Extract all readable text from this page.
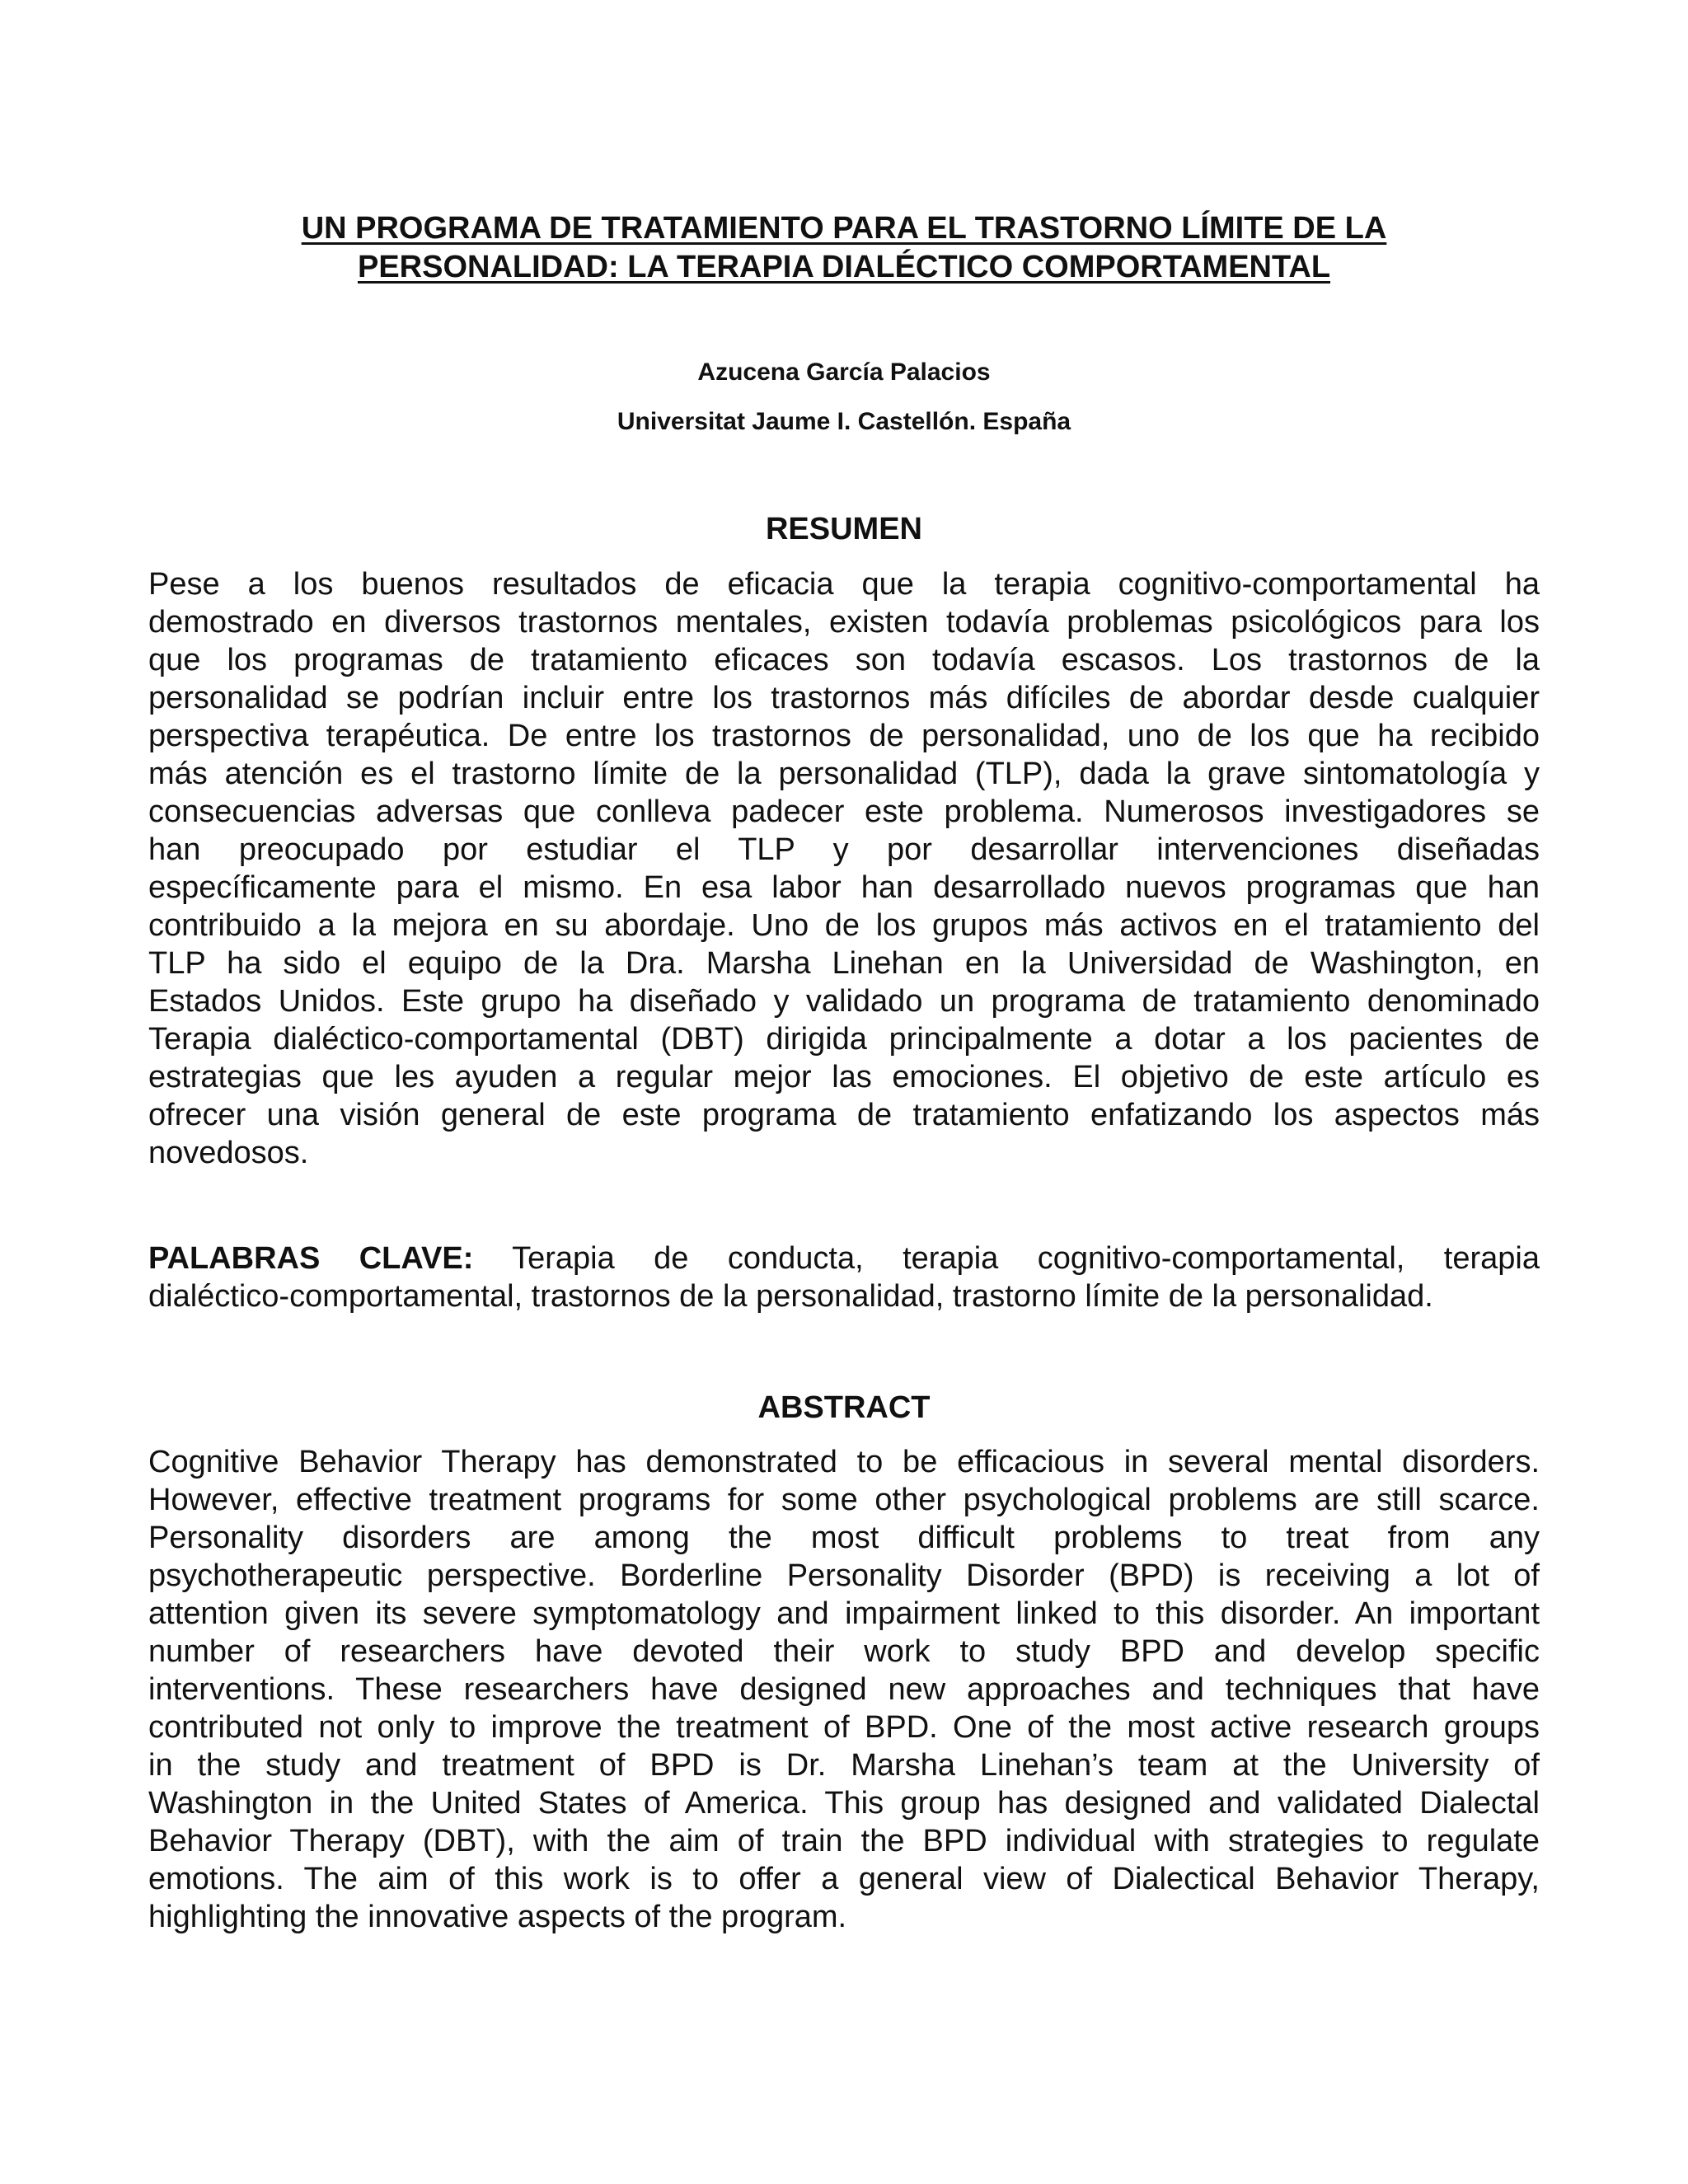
UN PROGRAMA DE TRATAMIENTO PARA EL TRASTORNO LÍMITE DE LA
PERSONALIDAD: LA TERAPIA DIALÉCTICO COMPORTAMENTAL

Azucena García Palacios

Universitat Jaume I. Castellón. España

RESUMEN
Pese a los buenos resultados de eficacia que la terapia cognitivo-comportamental ha
demostrado en diversos trastornos mentales, existen todavía problemas psicológicos para los
que los programas de tratamiento eficaces son todavía escasos. Los trastornos de la
personalidad se podrían incluir entre los trastornos más difíciles de abordar desde cualquier
perspectiva terapéutica. De entre los trastornos de personalidad, uno de los que ha recibido
más atención es el trastorno límite de la personalidad (TLP), dada la grave sintomatología y
consecuencias adversas que conlleva padecer este problema. Numerosos investigadores se
han preocupado por estudiar el TLP y por desarrollar intervenciones diseñadas
específicamente para el mismo. En esa labor han desarrollado nuevos programas que han
contribuido a la mejora en su abordaje. Uno de los grupos más activos en el tratamiento del
TLP ha sido el equipo de la Dra. Marsha Linehan en la Universidad de Washington, en
Estados Unidos. Este grupo ha diseñado y validado un programa de tratamiento denominado
Terapia dialéctico-comportamental (DBT) dirigida principalmente a dotar a los pacientes de
estrategias que les ayuden a regular mejor las emociones. El objetivo de este artículo es
ofrecer una visión general de este programa de tratamiento enfatizando los aspectos más
novedosos.
PALABRAS CLAVE: Terapia de conducta, terapia cognitivo-comportamental, terapia
dialéctico-comportamental, trastornos de la personalidad, trastorno límite de la personalidad.
ABSTRACT
Cognitive Behavior Therapy has demonstrated to be efficacious in several mental disorders.
However, effective treatment programs for some other psychological problems are still scarce.
Personality disorders are among the most difficult problems to treat from any
psychotherapeutic perspective. Borderline Personality Disorder (BPD) is receiving a lot of
attention given its severe symptomatology and impairment linked to this disorder. An important
number of researchers have devoted their work to study BPD and develop specific
interventions. These researchers have designed new approaches and techniques that have
contributed not only to improve the treatment of BPD. One of the most active research groups
in the study and treatment of BPD is Dr. Marsha Linehan’s team at the University of
Washington in the United States of America. This group has designed and validated Dialectal
Behavior Therapy (DBT), with the aim of train the BPD individual with strategies to regulate
emotions. The aim of this work is to offer a general view of Dialectical Behavior Therapy,
highlighting the innovative aspects of the program.
